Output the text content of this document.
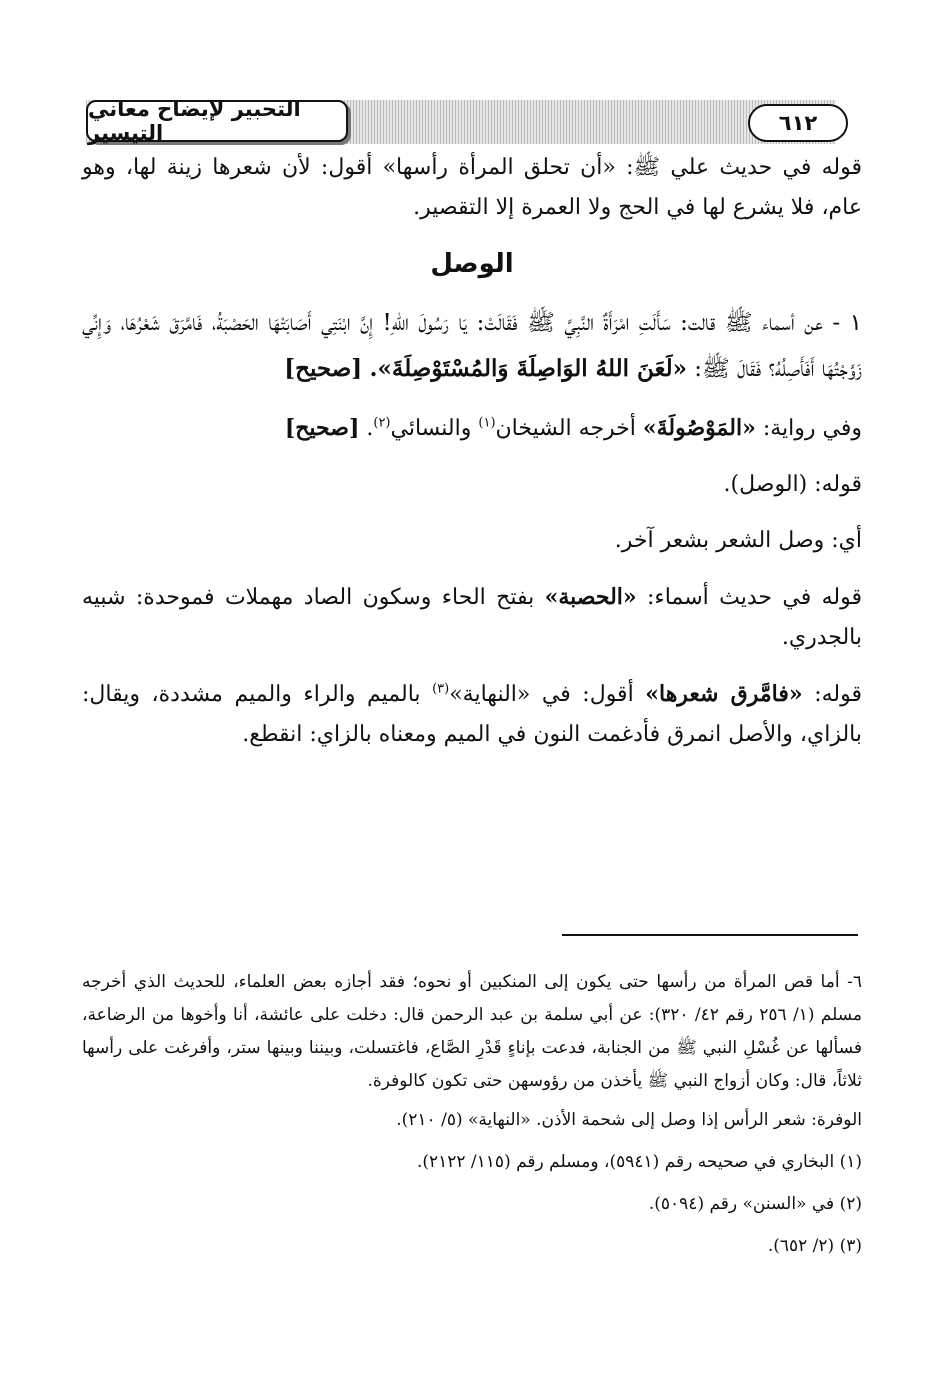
التحبير لإيضاح معاني التيسير	٦١٢

قوله في حديث علي ﷺ: «أن تحلق المرأة رأسها» أقول: لأن شعرها زينة لها، وهو عام، فلا يشرع لها في الحج ولا العمرة إلا التقصير.

الوصل

١ - عن أسماء ﷺ قالت: سَأَلَتِ امْرَأَةٌ النَّبِيَّ ﷺ فَقَالَتْ: يَا رَسُولَ اللهِ! إِنَّ ابْنَتِي أَصَابَتْهَا الحَصْبَةُ، فَامَّرَقَ شَعْرُهَا، وَإِنِّي زَوَّجْتُهَا أَفَأَصِلُهُ؟ فَقَالَ ﷺ: «لَعَنَ اللهُ الوَاصِلَةَ وَالمُسْتَوْصِلَةَ». [صحيح]

وفي رواية: «المَوْصُولَةَ» أخرجه الشيخان$^{(١)}$ والنسائي$^{(٢)}$. [صحيح]

قوله: (الوصل).

أي: وصل الشعر بشعر آخر.

قوله في حديث أسماء: «الحصبة» بفتح الحاء وسكون الصاد مهملات فموحدة: شبيه بالجدري.

قوله: «فامَّرق شعرها» أقول: في «النهاية»$^{(٣)}$ بالميم والراء والميم مشددة، ويقال: بالزاي، والأصل انمرق فأدغمت النون في الميم ومعناه بالزاي: انقطع.

٦- أما قص المرأة من رأسها حتى يكون إلى المنكبين أو نحوه؛ فقد أجازه بعض العلماء، للحديث الذي أخرجه مسلم (١/ ٢٥٦ رقم ٤٢/ ٣٢٠): عن أبي سلمة بن عبد الرحمن قال: دخلت على عائشة، أنا وأخوها من الرضاعة، فسألها عن غُسْلِ النبي ﷺ من الجنابة، فدعت بإناءٍ قَدْرِ الصَّاع، فاغتسلت، وبيننا وبينها ستر، وأفرغت على رأسها ثلاثاً، قال: وكان أزواج النبي ﷺ يأخذن من رؤوسهن حتى تكون كالوفرة.

الوفرة: شعر الرأس إذا وصل إلى شحمة الأذن. «النهاية» (٥/ ٢١٠).

(١) البخاري في صحيحه رقم (٥٩٤١)، ومسلم رقم (١١٥/ ٢١٢٢).

(٢) في «السنن» رقم (٥٠٩٤).

(٣) (٢/ ٦٥٢).
